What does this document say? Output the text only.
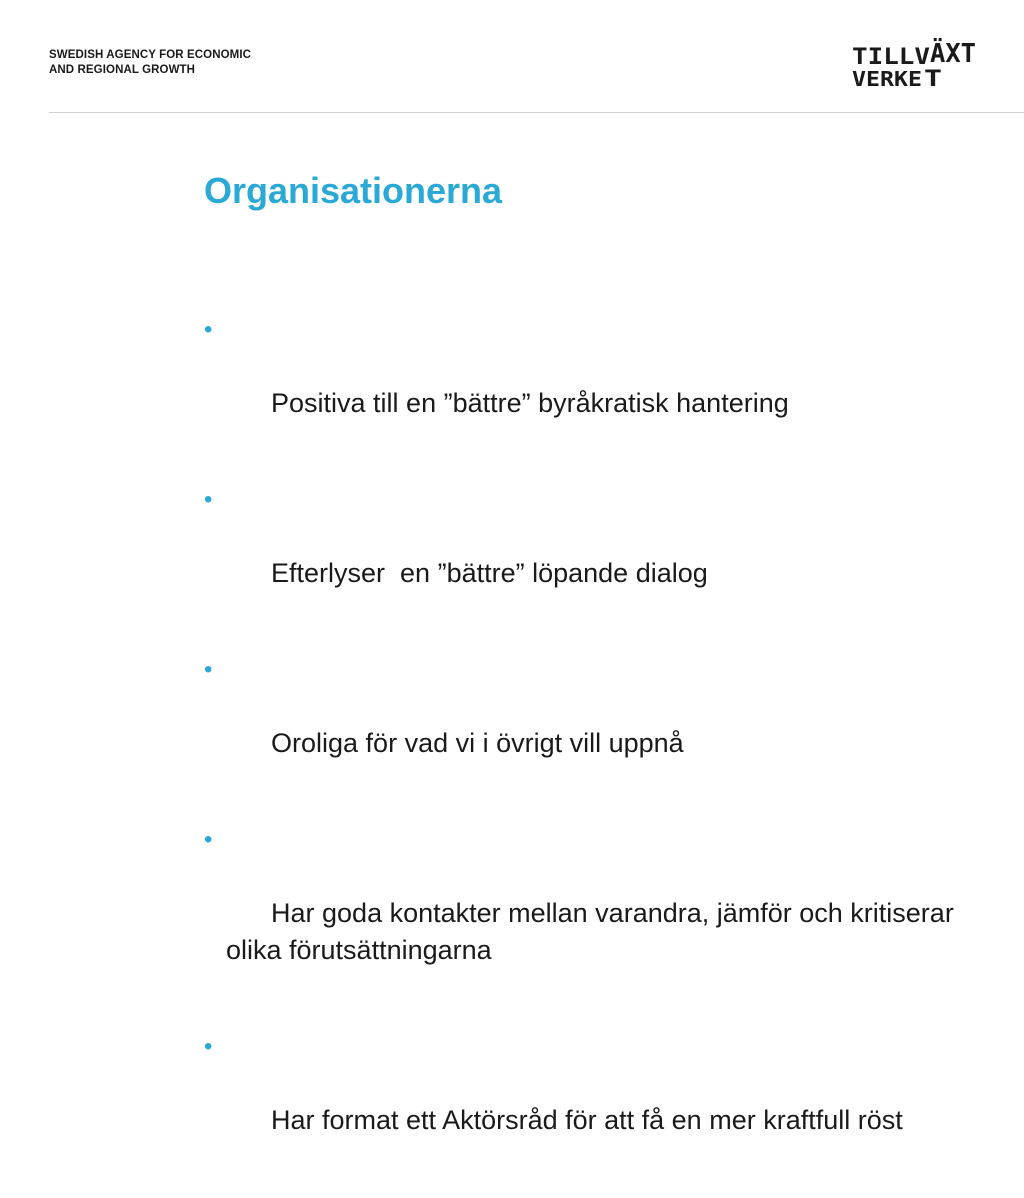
SWEDISH AGENCY FOR ECONOMIC
AND REGIONAL GROWTH	TILLV ÄXT
VERKE T
Organisationerna

•

Positiva till en ”bättre” byråkratisk hantering

•

Efterlyser  en ”bättre” löpande dialog

•

Oroliga för vad vi i övrigt vill uppnå

•

Har goda kontakter mellan varandra, jämför och kritiserar olika förutsättningarna

•

Har format ett Aktörsråd för att få en mer kraftfull röst
